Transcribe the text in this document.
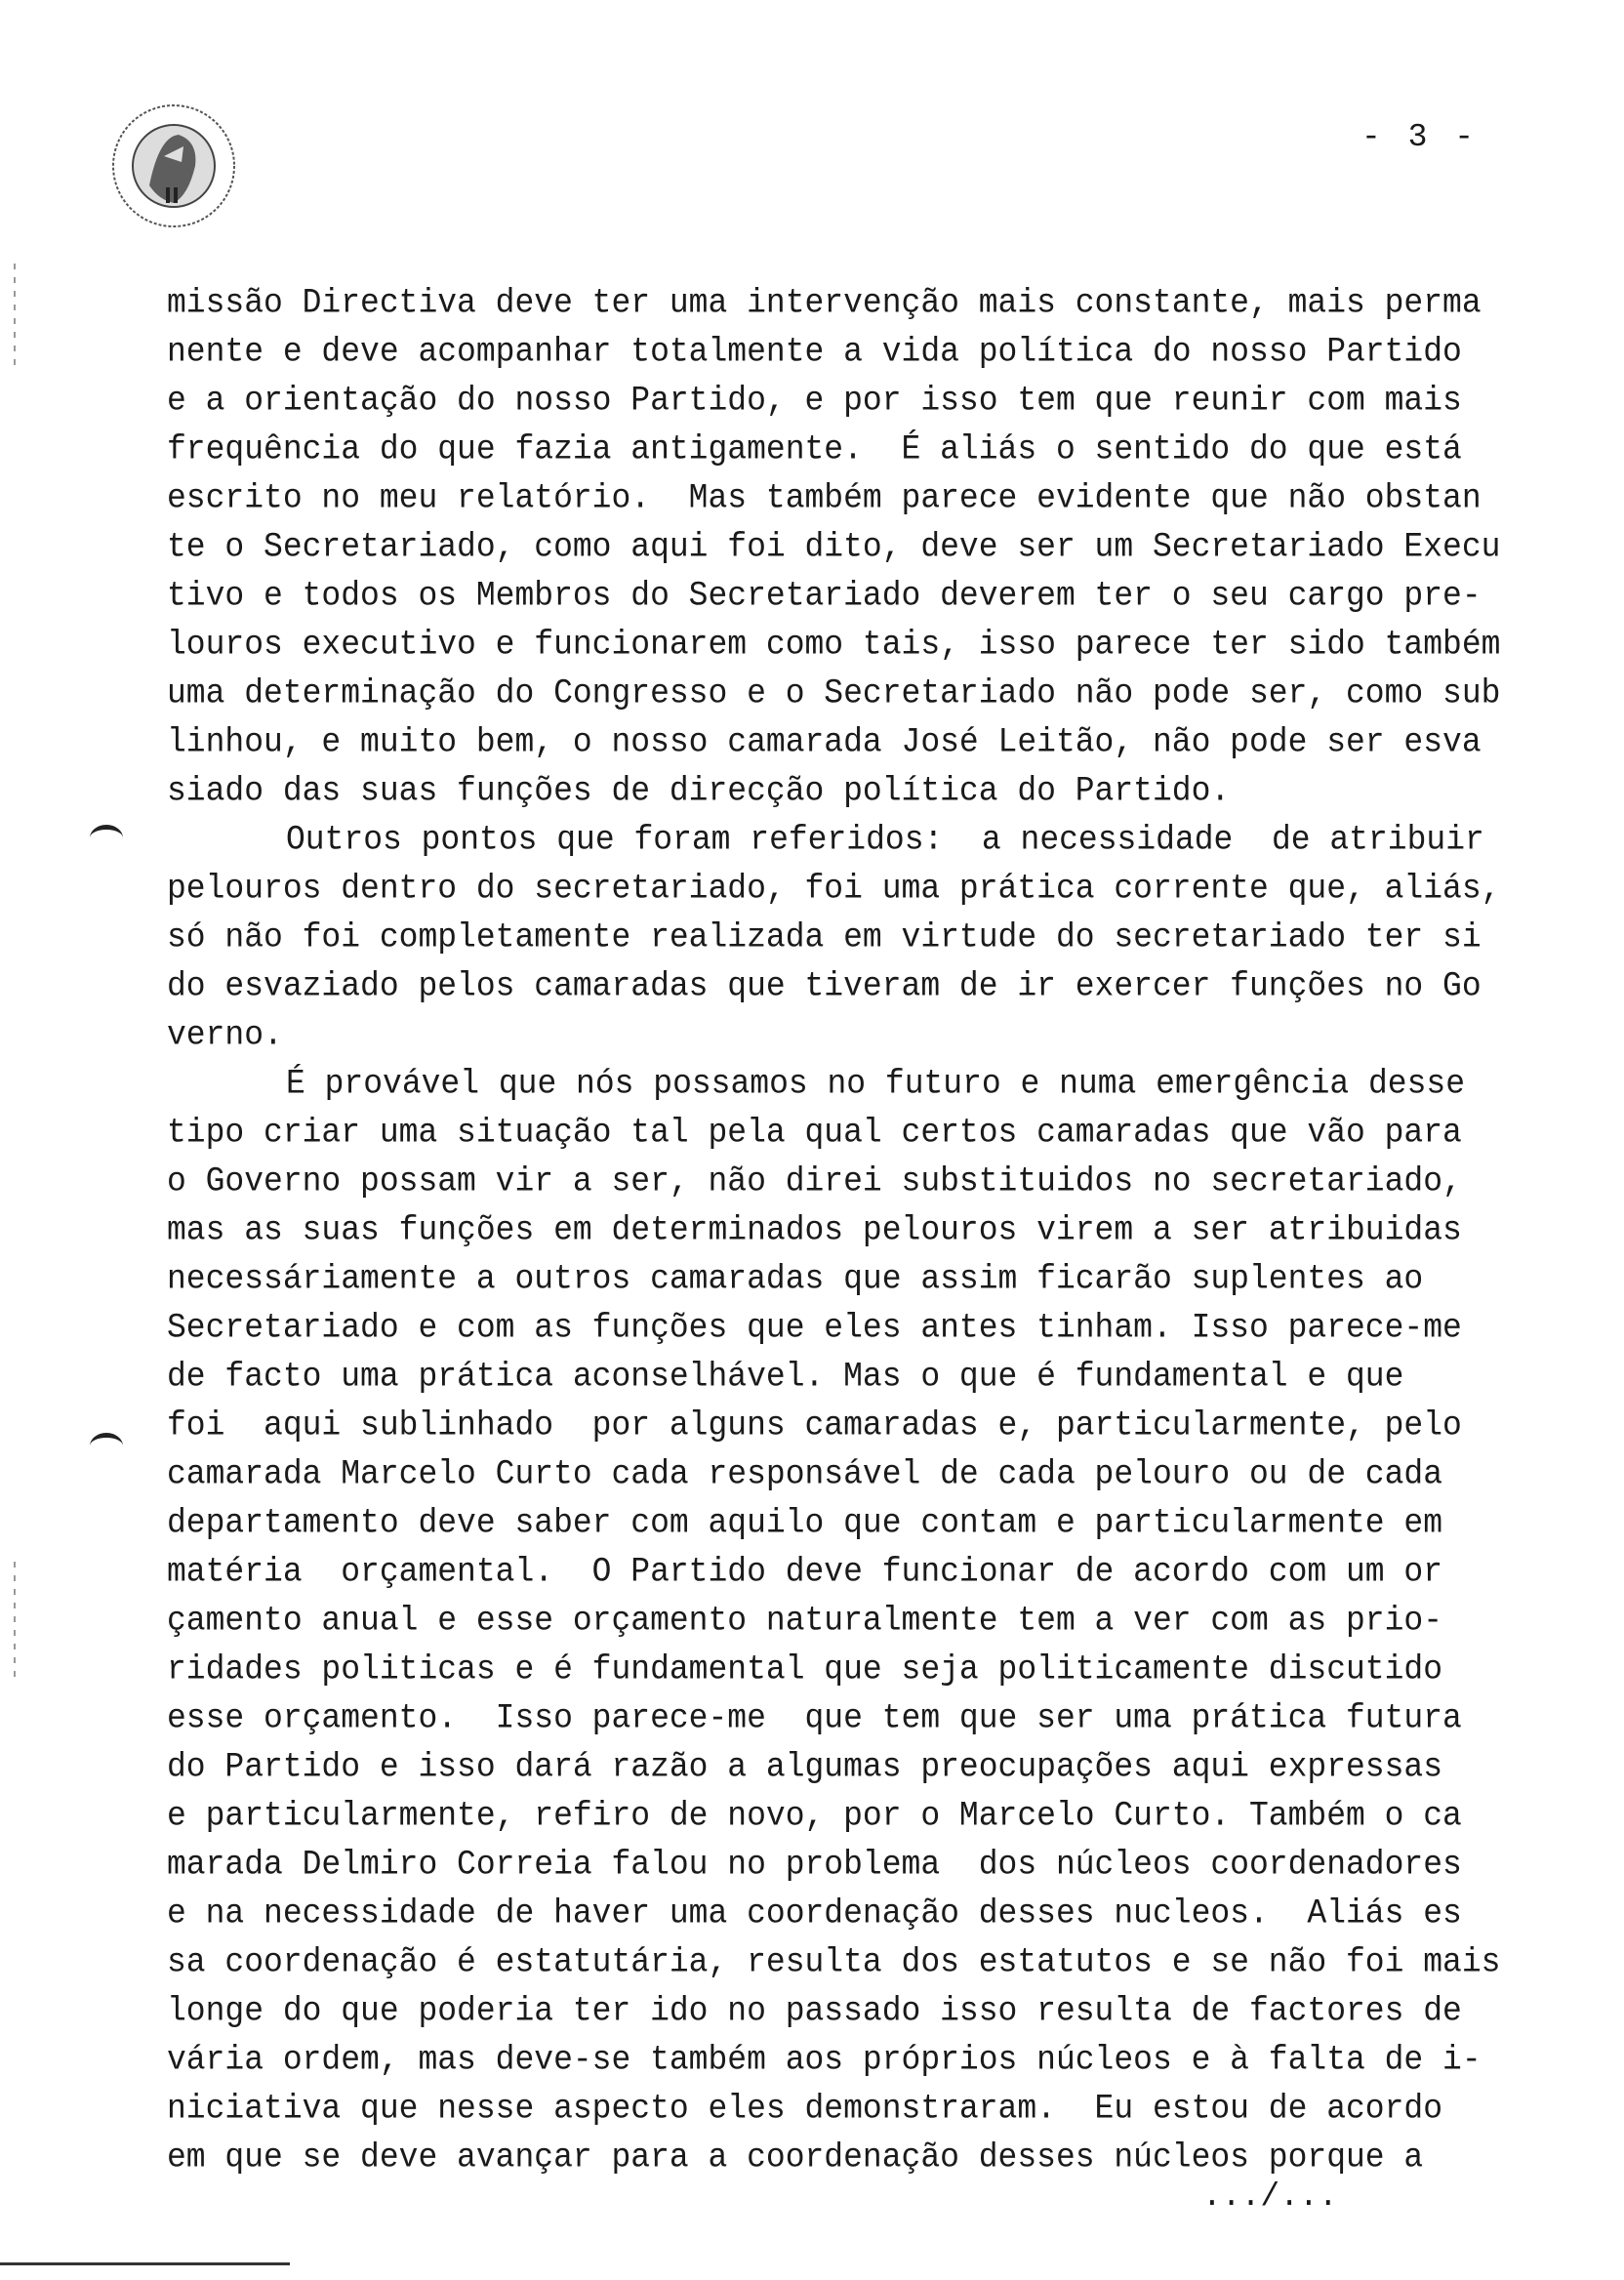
- 3 -
missão Directiva deve ter uma intervenção mais constante, mais perma
nente e deve acompanhar totalmente a vida política do nosso Partido
e a orientação do nosso Partido, e por isso tem que reunir com mais
frequência do que fazia antigamente.  É aliás o sentido do que está
escrito no meu relatório.  Mas também parece evidente que não obstan
te o Secretariado, como aqui foi dito, deve ser um Secretariado Execu
tivo e todos os Membros do Secretariado deverem ter o seu cargo pre-
louros executivo e funcionarem como tais, isso parece ter sido também
uma determinação do Congresso e o Secretariado não pode ser, como sub
linhou, e muito bem, o nosso camarada José Leitão, não pode ser esva
siado das suas funções de direcção política do Partido.
Outros pontos que foram referidos:  a necessidade  de atribuir
pelouros dentro do secretariado, foi uma prática corrente que, aliás,
só não foi completamente realizada em virtude do secretariado ter si
do esvaziado pelos camaradas que tiveram de ir exercer funções no Go
verno.
É provável que nós possamos no futuro e numa emergência desse
tipo criar uma situação tal pela qual certos camaradas que vão para
o Governo possam vir a ser, não direi substituidos no secretariado,
mas as suas funções em determinados pelouros virem a ser atribuidas
necessáriamente a outros camaradas que assim ficarão suplentes ao
Secretariado e com as funções que eles antes tinham. Isso parece-me
de facto uma prática aconselhável. Mas o que é fundamental e que
foi  aqui sublinhado  por alguns camaradas e, particularmente, pelo
camarada Marcelo Curto cada responsável de cada pelouro ou de cada
departamento deve saber com aquilo que contam e particularmente em
matéria  orçamental.  O Partido deve funcionar de acordo com um or
çamento anual e esse orçamento naturalmente tem a ver com as prio-
ridades politicas e é fundamental que seja politicamente discutido
esse orçamento.  Isso parece-me  que tem que ser uma prática futura
do Partido e isso dará razão a algumas preocupações aqui expressas
e particularmente, refiro de novo, por o Marcelo Curto. Também o ca
marada Delmiro Correia falou no problema  dos núcleos coordenadores
e na necessidade de haver uma coordenação desses nucleos.  Aliás es
sa coordenação é estatutária, resulta dos estatutos e se não foi mais
longe do que poderia ter ido no passado isso resulta de factores de
vária ordem, mas deve-se também aos próprios núcleos e à falta de i-
niciativa que nesse aspecto eles demonstraram.  Eu estou de acordo
em que se deve avançar para a coordenação desses núcleos porque a
.../...
